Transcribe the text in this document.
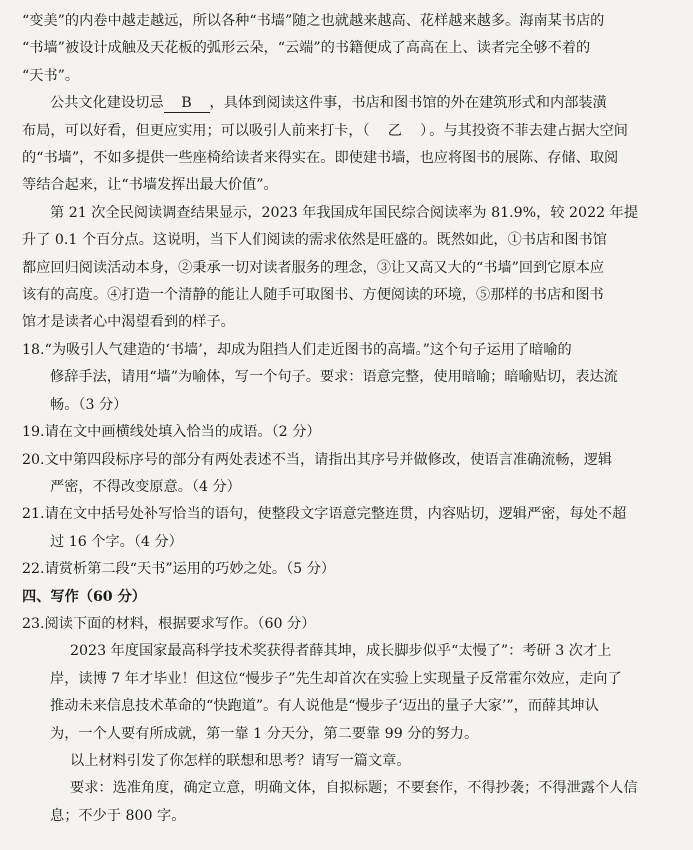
“变美”的内卷中越走越远，所以各种“书墙”随之也就越来越高、花样越来越多。海南某书店的
“书墙”被设计成触及天花板的弧形云朵，“云端”的书籍便成了高高在上、读者完全够不着的
“天书”。
公共文化建设切忌 B ，具体到阅读这件事，书店和图书馆的外在建筑形式和内部装潢
布局，可以好看，但更应实用；可以吸引人前来打卡，（　乙　）。与其投资不菲去建占据大空间
的“书墙”，不如多提供一些座椅给读者来得实在。即使建书墙，也应将图书的展陈、存储、取阅
等结合起来，让“书墙发挥出最大价值”。
第 21 次全民阅读调查结果显示，2023 年我国成年国民综合阅读率为 81.9%，较 2022 年提
升了 0.1 个百分点。这说明，当下人们阅读的需求依然是旺盛的。既然如此，①书店和图书馆
都应回归阅读活动本身，②秉承一切对读者服务的理念，③让又高又大的“书墙”回到它原本应
该有的高度。④打造一个清静的能让人随手可取图书、方便阅读的环境，⑤那样的书店和图书
馆才是读者心中渴望看到的样子。
18.“为吸引人气建造的‘书墙’，却成为阻挡人们走近图书的高墙。”这个句子运用了暗喻的
修辞手法，请用“墙”为喻体，写一个句子。要求：语意完整，使用暗喻；暗喻贴切，表达流
畅。（3 分）
19.请在文中画横线处填入恰当的成语。（2 分）
20.文中第四段标序号的部分有两处表述不当，请指出其序号并做修改，使语言准确流畅，逻辑
严密，不得改变原意。（4 分）
21.请在文中括号处补写恰当的语句，使整段文字语意完整连贯，内容贴切，逻辑严密，每处不超
过 16 个字。（4 分）
22.请赏析第二段“天书”运用的巧妙之处。（5 分）
四、写作（60 分）
23.阅读下面的材料，根据要求写作。（60 分）
2023 年度国家最高科学技术奖获得者薛其坤，成长脚步似乎“太慢了”：考研 3 次才上
岸，读博 7 年才毕业！但这位“慢步子”先生却首次在实验上实现量子反常霍尔效应，走向了
推动未来信息技术革命的“快跑道”。有人说他是“慢步子‘迈出的量子大家’”，而薛其坤认
为，一个人要有所成就，第一靠 1 分天分，第二要靠 99 分的努力。
以上材料引发了你怎样的联想和思考？请写一篇文章。
要求：选准角度，确定立意，明确文体，自拟标题；不要套作，不得抄袭；不得泄露个人信
息；不少于 800 字。
